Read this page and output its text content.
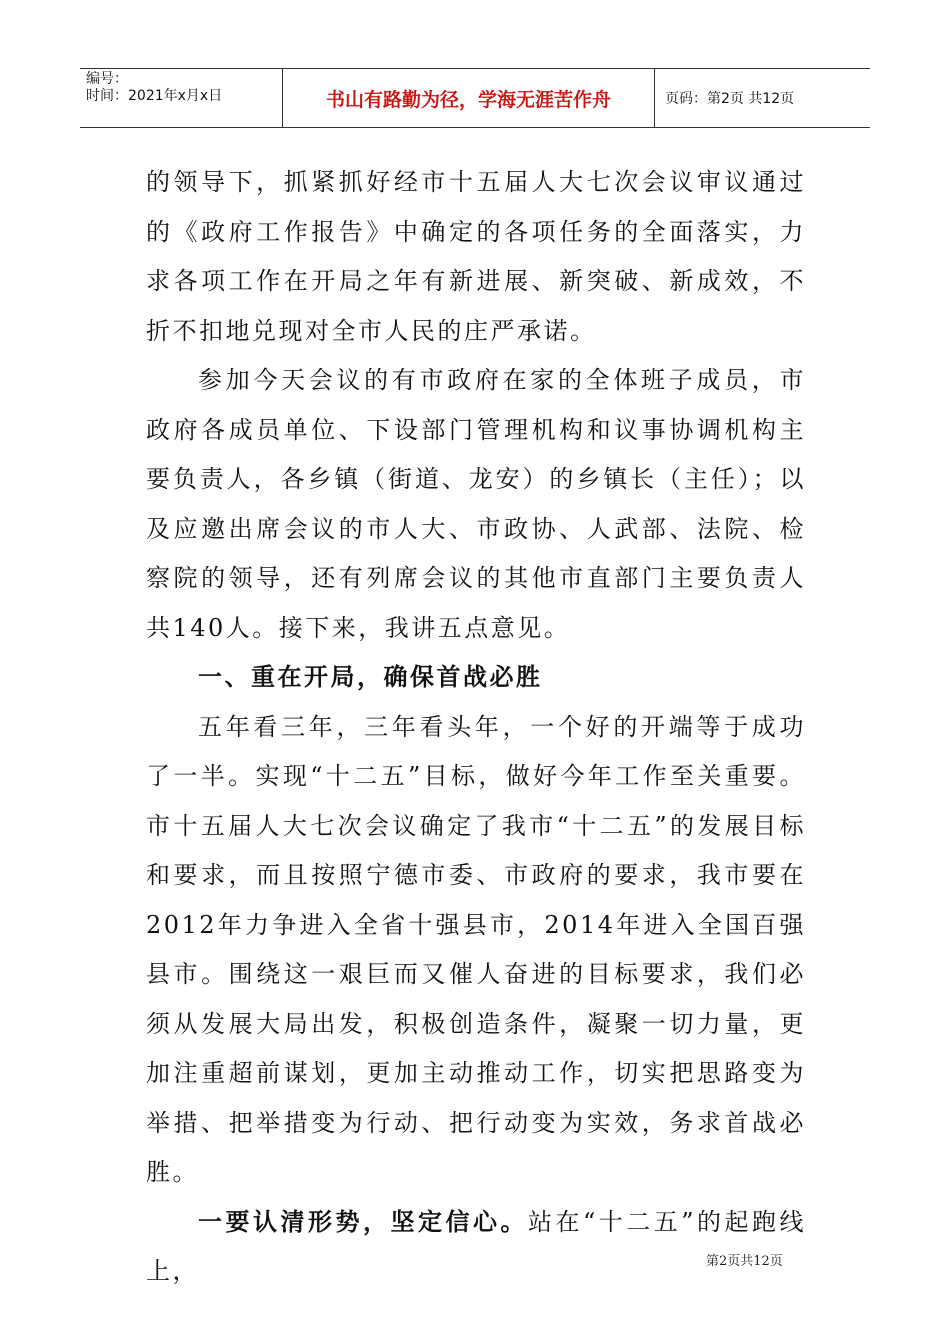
编号：
时间：2021年x月x日	书山有路勤为径，学海无涯苦作舟	页码：第2页 共12页

的领导下，抓紧抓好经市十五届人大七次会议审议通过的《政府工作报告》中确定的各项任务的全面落实，力求各项工作在开局之年有新进展、新突破、新成效，不折不扣地兑现对全市人民的庄严承诺。

参加今天会议的有市政府在家的全体班子成员，市政府各成员单位、下设部门管理机构和议事协调机构主要负责人，各乡镇（街道、龙安）的乡镇长（主任）；以及应邀出席会议的市人大、市政协、人武部、法院、检察院的领导，还有列席会议的其他市直部门主要负责人共140人。接下来，我讲五点意见。

一、重在开局，确保首战必胜

五年看三年，三年看头年，一个好的开端等于成功了一半。实现“十二五”目标，做好今年工作至关重要。市十五届人大七次会议确定了我市“十二五”的发展目标和要求，而且按照宁德市委、市政府的要求，我市要在2012年力争进入全省十强县市，2014年进入全国百强县市。围绕这一艰巨而又催人奋进的目标要求，我们必须从发展大局出发，积极创造条件，凝聚一切力量，更加注重超前谋划，更加主动推动工作，切实把思路变为举措、把举措变为行动、把行动变为实效，务求首战必胜。

一要认清形势，坚定信心。站在“十二五”的起跑线上，	第2页共12页
